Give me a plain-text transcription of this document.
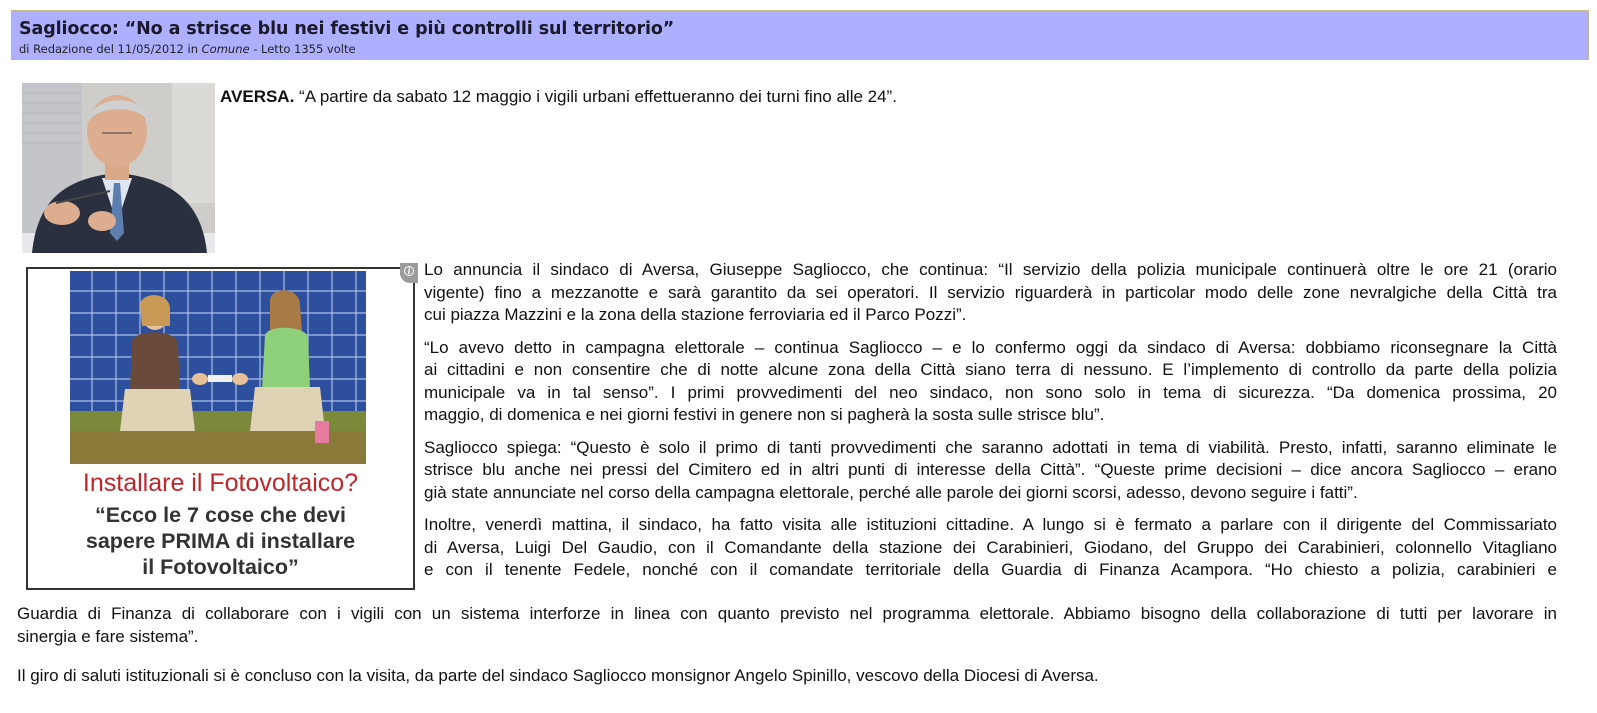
Sagliocco: “No a strisce blu nei festivi e più controlli sul territorio”
di Redazione del 11/05/2012 in Comune - Letto 1355 volte
AVERSA. “A partire da sabato 12 maggio i vigili urbani effettueranno dei turni fino alle 24”.
Installare il Fotovoltaico?
“Ecco le 7 cose che devi
sapere PRIMA di installare
il Fotovoltaico”
i Lo annuncia il sindaco di Aversa, Giuseppe Sagliocco, che continua: “Il servizio della polizia municipale continuerà oltre le ore 21 (orario
vigente) fino a mezzanotte e sarà garantito da sei operatori. Il servizio riguarderà in particolar modo delle zone nevralgiche della Città tra
cui piazza Mazzini e la zona della stazione ferroviaria ed il Parco Pozzi”.

“Lo avevo detto in campagna elettorale – continua Sagliocco – e lo confermo oggi da sindaco di Aversa: dobbiamo riconsegnare la Città
ai cittadini e non consentire che di notte alcune zona della Città siano terra di nessuno. E l’implemento di controllo da parte della polizia
municipale va in tal senso”. I primi provvedimenti del neo sindaco, non sono solo in tema di sicurezza. “Da domenica prossima, 20
maggio, di domenica e nei giorni festivi in genere non si pagherà la sosta sulle strisce blu”.

Sagliocco spiega: “Questo è solo il primo di tanti provvedimenti che saranno adottati in tema di viabilità. Presto, infatti, saranno eliminate le
strisce blu anche nei pressi del Cimitero ed in altri punti di interesse della Città”. “Queste prime decisioni – dice ancora Sagliocco – erano
già state annunciate nel corso della campagna elettorale, perché alle parole dei giorni scorsi, adesso, devono seguire i fatti”.

Inoltre, venerdì mattina, il sindaco, ha fatto visita alle istituzioni cittadine. A lungo si è fermato a parlare con il dirigente del Commissariato
di Aversa, Luigi Del Gaudio, con il Comandante della stazione dei Carabinieri, Giodano, del Gruppo dei Carabinieri, colonnello Vitagliano
e con il tenente Fedele, nonché con il comandate territoriale della Guardia di Finanza Acampora. “Ho chiesto a polizia, carabinieri e

Guardia di Finanza di collaborare con i vigili con un sistema interforze in linea con quanto previsto nel programma elettorale. Abbiamo bisogno della collaborazione di tutti per lavorare in
sinergia e fare sistema”.
Il giro di saluti istituzionali si è concluso con la visita, da parte del sindaco Sagliocco monsignor Angelo Spinillo, vescovo della Diocesi di Aversa.
